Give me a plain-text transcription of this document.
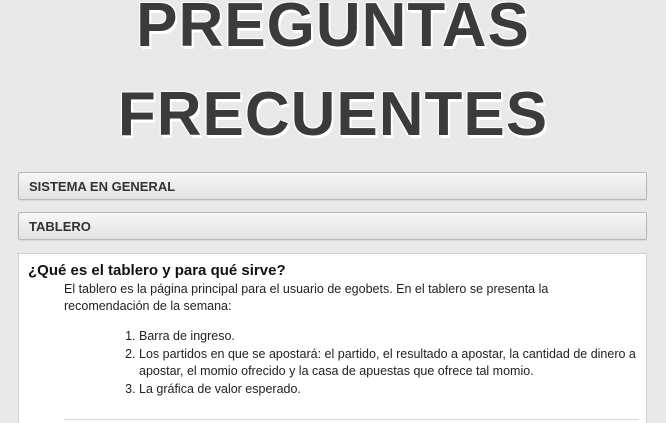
PREGUNTAS
FRECUENTES
SISTEMA EN GENERAL
TABLERO
¿Qué es el tablero y para qué sirve?

El tablero es la página principal para el usuario de egobets. En el tablero se presenta la recomendación de la semana:

1. Barra de ingreso.
2. Los partidos en que se apostará: el partido, el resultado a apostar, la cantidad de dinero a apostar, el momio ofrecido y la casa de apuestas que ofrece tal momio.
3. La gráfica de valor esperado.
